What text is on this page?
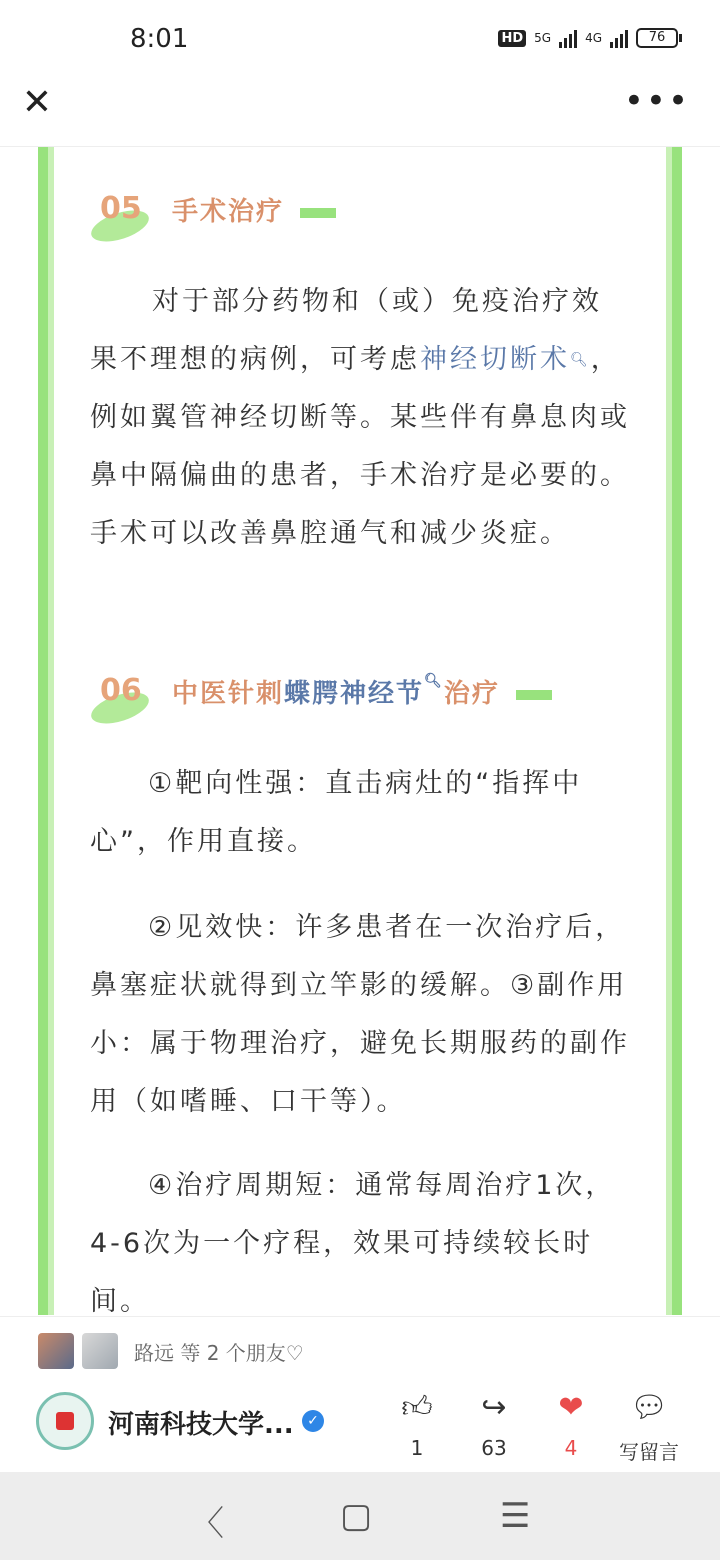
8:01	HD 5G	4G	76
✕	•••
05 手术治疗
对于部分药物和（或）免疫治疗效果不理想的病例，可考虑神经切断术🔍︎，例如翼管神经切断等。某些伴有鼻息肉或鼻中隔偏曲的患者，手术治疗是必要的。手术可以改善鼻腔通气和减少炎症。
06 中医针刺蝶腭神经节🔍︎治疗
①靶向性强：直击病灶的“指挥中心”，作用直接。
②见效快：许多患者在一次治疗后，鼻塞症状就得到立竿影的缓解。③副作用小：属于物理治疗，避免长期服药的副作用（如嗜睡、口干等）。
④治疗周期短：通常每周治疗1次，4-6次为一个疗程，效果可持续较长时间。
路远 等 2 个朋友♡
河南科技大学... ✓	👍︎
1
↪
63
❤
4
💬︎
写留言
〈	▢	☰
